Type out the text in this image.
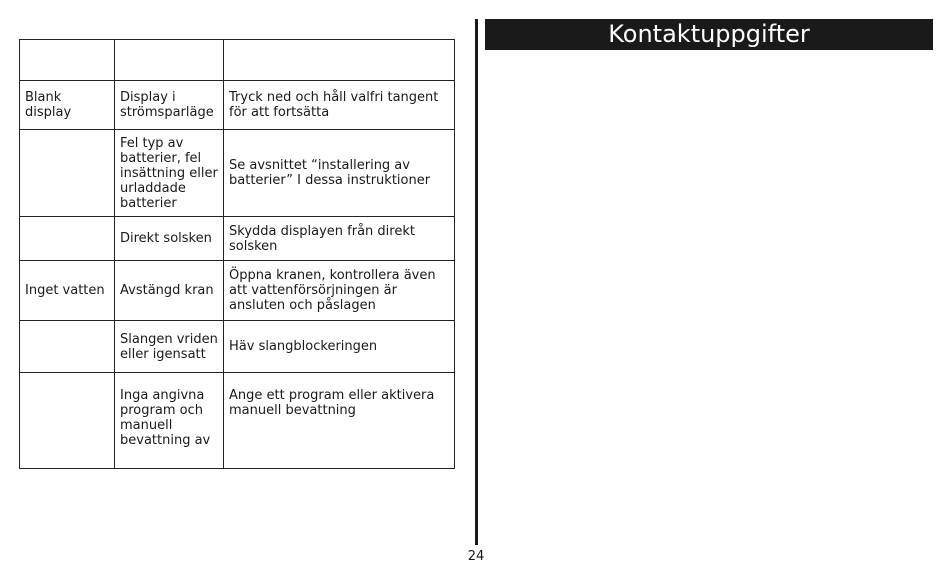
Blank display	Display i strömsparläge	Tryck ned och håll valfri tangent för att fortsätta
	Fel typ av batterier, fel insättning eller urladdade batterier	Se avsnittet “installering av batterier” I dessa instruktioner
	Direkt solsken	Skydda displayen från direkt solsken
Inget vatten	Avstängd kran	Öppna kranen, kontrollera även att vattenförsörjningen är ansluten och påslagen
	Slangen vriden eller igensatt	Häv slangblockeringen
	Inga angivna program och manuell bevattning av	Ange ett program eller aktivera manuell bevattning
24
Kontaktuppgifter
